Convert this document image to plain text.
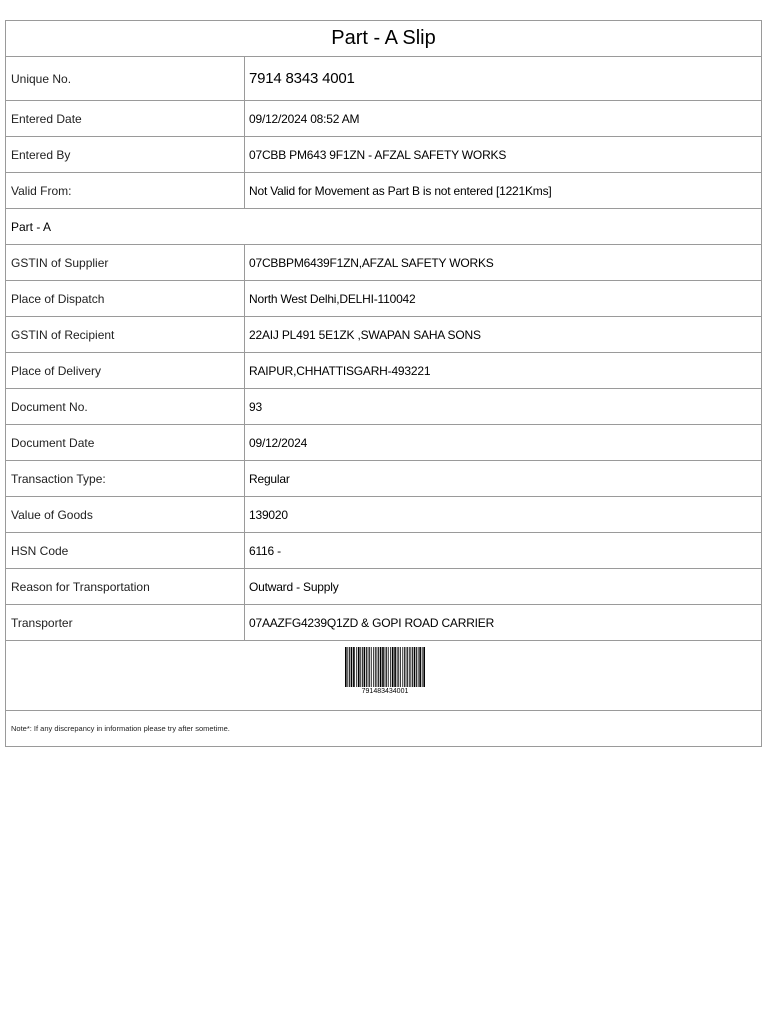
Part - A Slip
Unique No.	7914 8343 4001
Entered Date	09/12/2024 08:52 AM
Entered By	07CBB PM643 9F1ZN - AFZAL SAFETY WORKS
Valid From:	Not Valid for Movement as Part B is not entered [1221Kms]
Part - A
GSTIN of Supplier	07CBBPM6439F1ZN,AFZAL SAFETY WORKS
Place of Dispatch	North West Delhi,DELHI-110042
GSTIN of Recipient	22AIJ PL491 5E1ZK ,SWAPAN SAHA SONS
Place of Delivery	RAIPUR,CHHATTISGARH-493221
Document No.	93
Document Date	09/12/2024
Transaction Type:	Regular
Value of Goods	139020
HSN Code	6116 -
Reason for Transportation	Outward - Supply
Transporter	07AAZFG4239Q1ZD & GOPI ROAD CARRIER
791483434001
Note*: If any discrepancy in information please try after sometime.
